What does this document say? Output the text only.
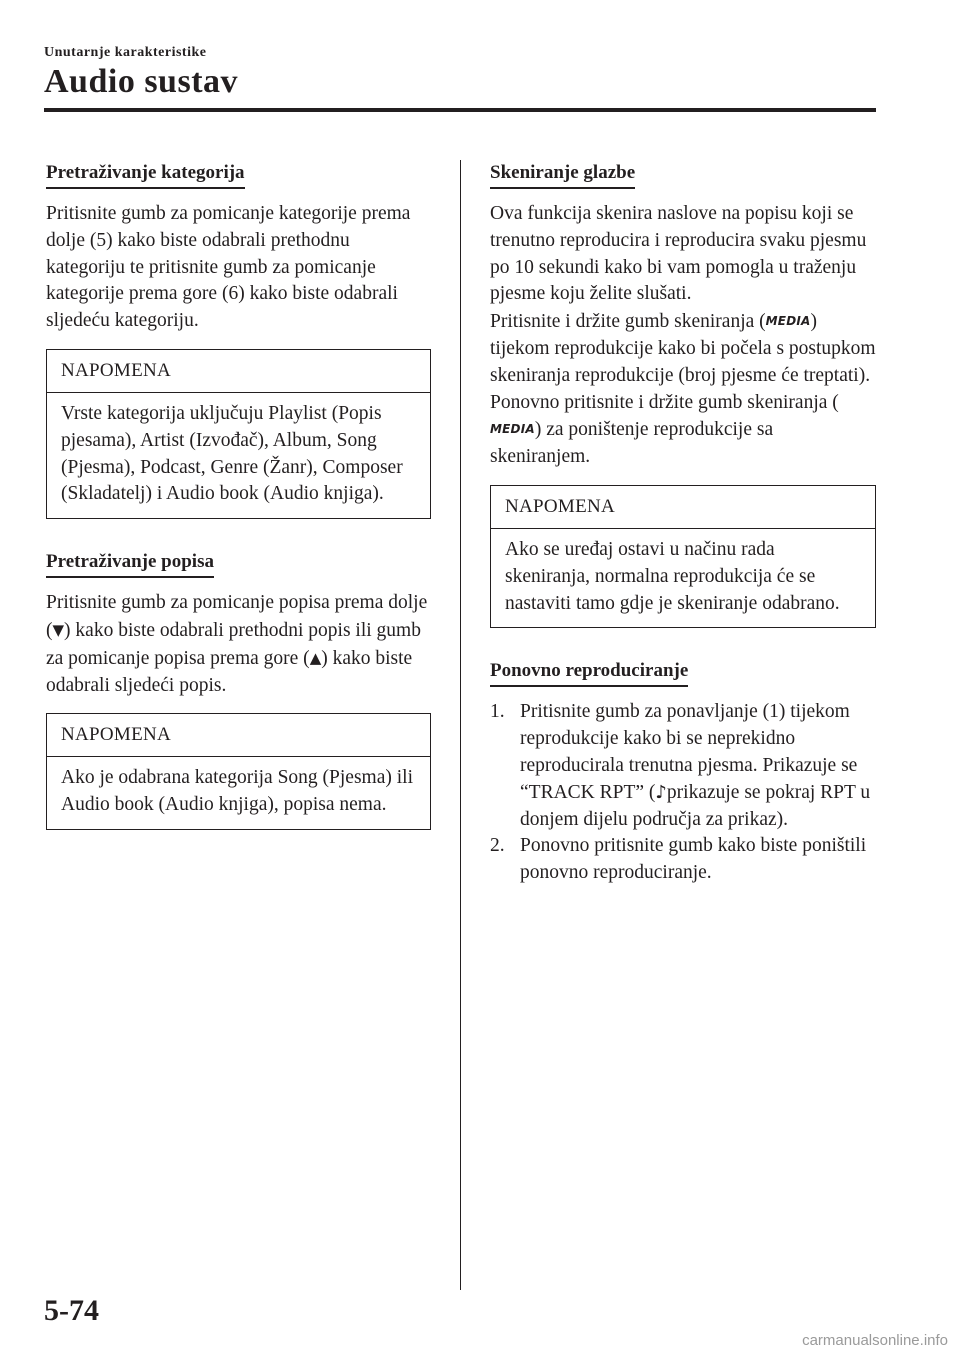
Unutarnje karakteristike
Audio sustav
Pretraživanje kategorija

Pritisnite gumb za pomicanje kategorije prema dolje (5) kako biste odabrali prethodnu kategoriju te pritisnite gumb za pomicanje kategorije prema gore (6) kako biste odabrali sljedeću kategoriju.

NAPOMENA
Vrste kategorija uključuju Playlist (Popis pjesama), Artist (Izvođač), Album, Song (Pjesma), Podcast, Genre (Žanr), Composer (Skladatelj) i Audio book (Audio knjiga).
Pretraživanje popisa

Pritisnite gumb za pomicanje popisa prema dolje (▼) kako biste odabrali prethodni popis ili gumb za pomicanje popisa prema gore (▲) kako biste odabrali sljedeći popis.

NAPOMENA
Ako je odabrana kategorija Song (Pjesma) ili Audio book (Audio knjiga), popisa nema.
Skeniranje glazbe

Ova funkcija skenira naslove na popisu koji se trenutno reproducira i reproducira svaku pjesmu po 10 sekundi kako bi vam pomogla u traženju pjesme koju želite slušati.

Pritisnite i držite gumb skeniranja (MEDIA) tijekom reprodukcije kako bi počela s postupkom skeniranja reprodukcije (broj pjesme će treptati). Ponovno pritisnite i držite gumb skeniranja (MEDIA) za poništenje reprodukcije sa skeniranjem.

NAPOMENA
Ako se uređaj ostavi u načinu rada skeniranja, normalna reprodukcija će se nastaviti tamo gdje je skeniranje odabrano.
Ponovno reproduciranje
1. Pritisnite gumb za ponavljanje (1) tijekom reprodukcije kako bi se neprekidno reproducirala trenutna pjesma. Prikazuje se “TRACK RPT” (♪prikazuje se pokraj RPT u donjem dijelu područja za prikaz).
2. Ponovno pritisnite gumb kako biste poništili ponovno reproduciranje.
5-74
carmanualsonline.info
